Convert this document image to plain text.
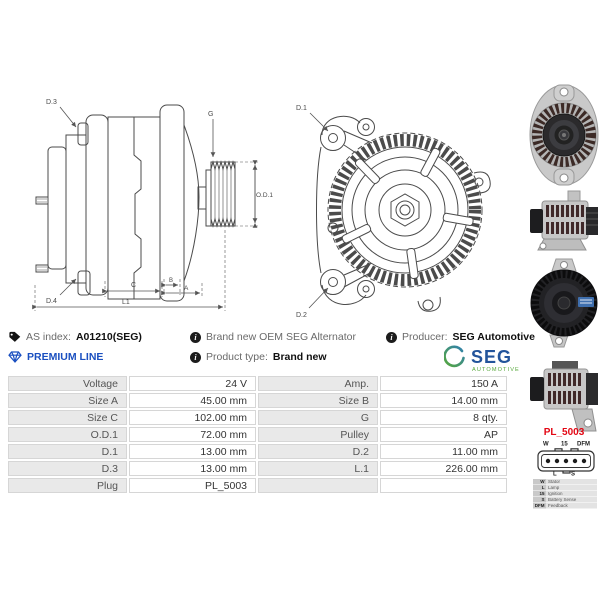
D.3
G
O.D.1
C
B
A
L1
D.4
D.1
D.2
AS index: A01210(SEG)	i Brand new OEM SEG Alternator	i Producer: SEG Automotive
PREMIUM LINE	i Product type: Brand new	SEG
AUTOMOTIVE
Voltage	24 V	Amp.	150 A
Size A	45.00 mm	Size B	14.00 mm
Size C	102.00 mm	G	8 qty.
O.D.1	72.00 mm	Pulley	AP
D.1	13.00 mm	D.2	11.00 mm
D.3	13.00 mm	L.1	226.00 mm
Plug	PL_5003
PL_5003
W 15 DFM
L S
W Stator
L Lamp
15 Ignition
S Battery Sense
DFM Feedback
